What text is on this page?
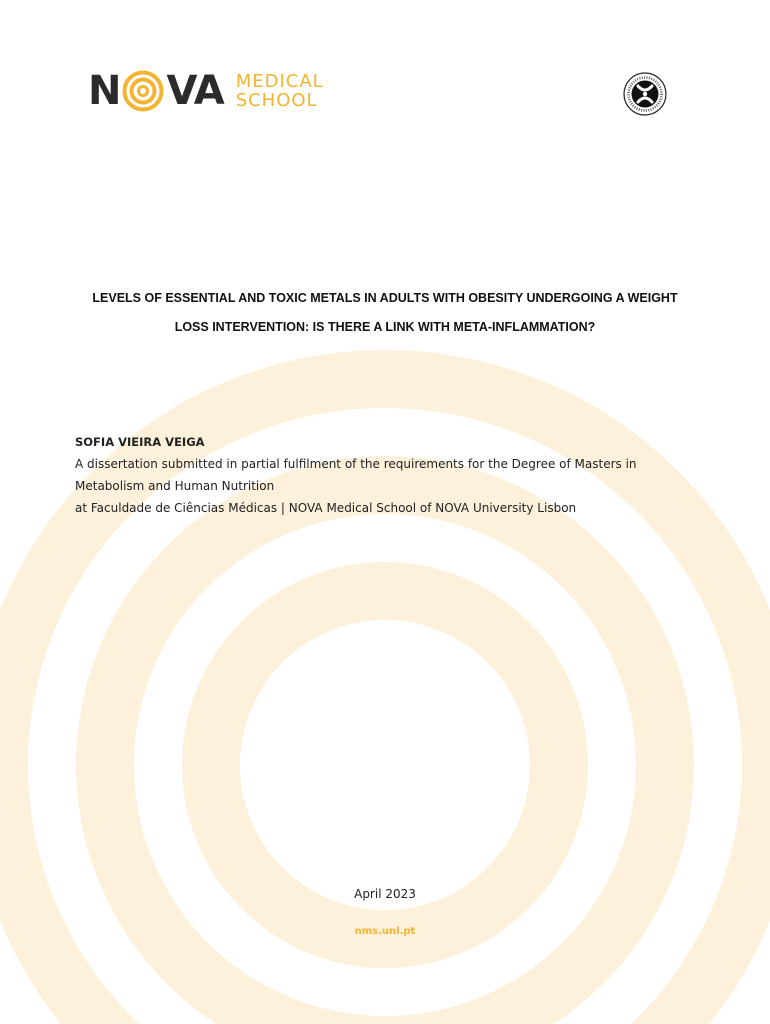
N VA MEDICAL
SCHOOL
LEVELS OF ESSENTIAL AND TOXIC METALS IN ADULTS WITH OBESITY UNDERGOING A WEIGHT
LOSS INTERVENTION: IS THERE A LINK WITH META-INFLAMMATION?
SOFIA VIEIRA VEIGA
A dissertation submitted in partial fulfilment of the requirements for the Degree of Masters in
Metabolism and Human Nutrition
at Faculdade de Ciências Médicas | NOVA Medical School of NOVA University Lisbon
April 2023
nms.unl.pt
